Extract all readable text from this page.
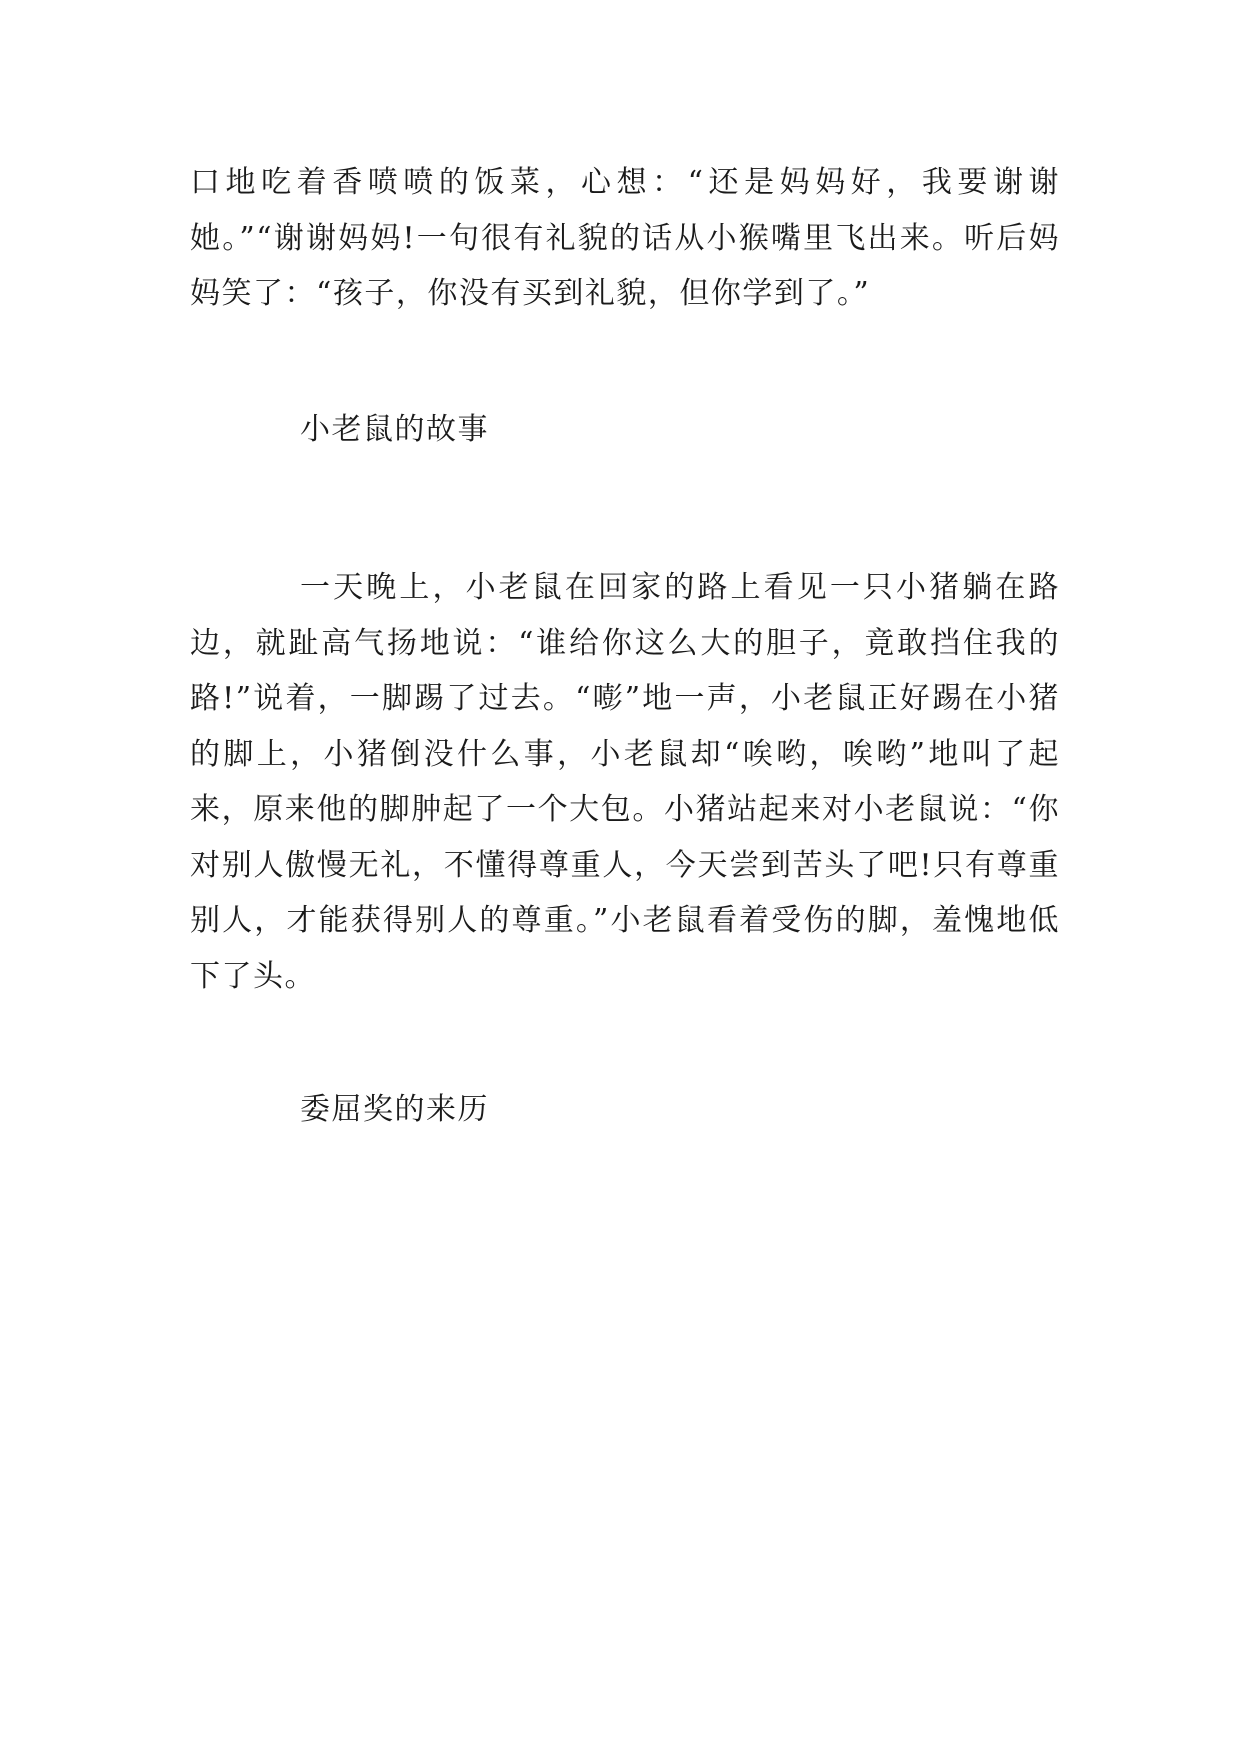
口地吃着香喷喷的饭菜，心想：“还是妈妈好，我要谢谢她。”“谢谢妈妈!一句很有礼貌的话从小猴嘴里飞出来。听后妈妈笑了：“孩子，你没有买到礼貌，但你学到了。”

小老鼠的故事

一天晚上，小老鼠在回家的路上看见一只小猪躺在路边，就趾高气扬地说：“谁给你这么大的胆子，竟敢挡住我的路!”说着，一脚踢了过去。“嘭”地一声，小老鼠正好踢在小猪的脚上，小猪倒没什么事，小老鼠却“唉哟，唉哟”地叫了起来，原来他的脚肿起了一个大包。小猪站起来对小老鼠说：“你对别人傲慢无礼，不懂得尊重人，今天尝到苦头了吧!只有尊重别人，才能获得别人的尊重。”小老鼠看着受伤的脚，羞愧地低下了头。

委屈奖的来历
